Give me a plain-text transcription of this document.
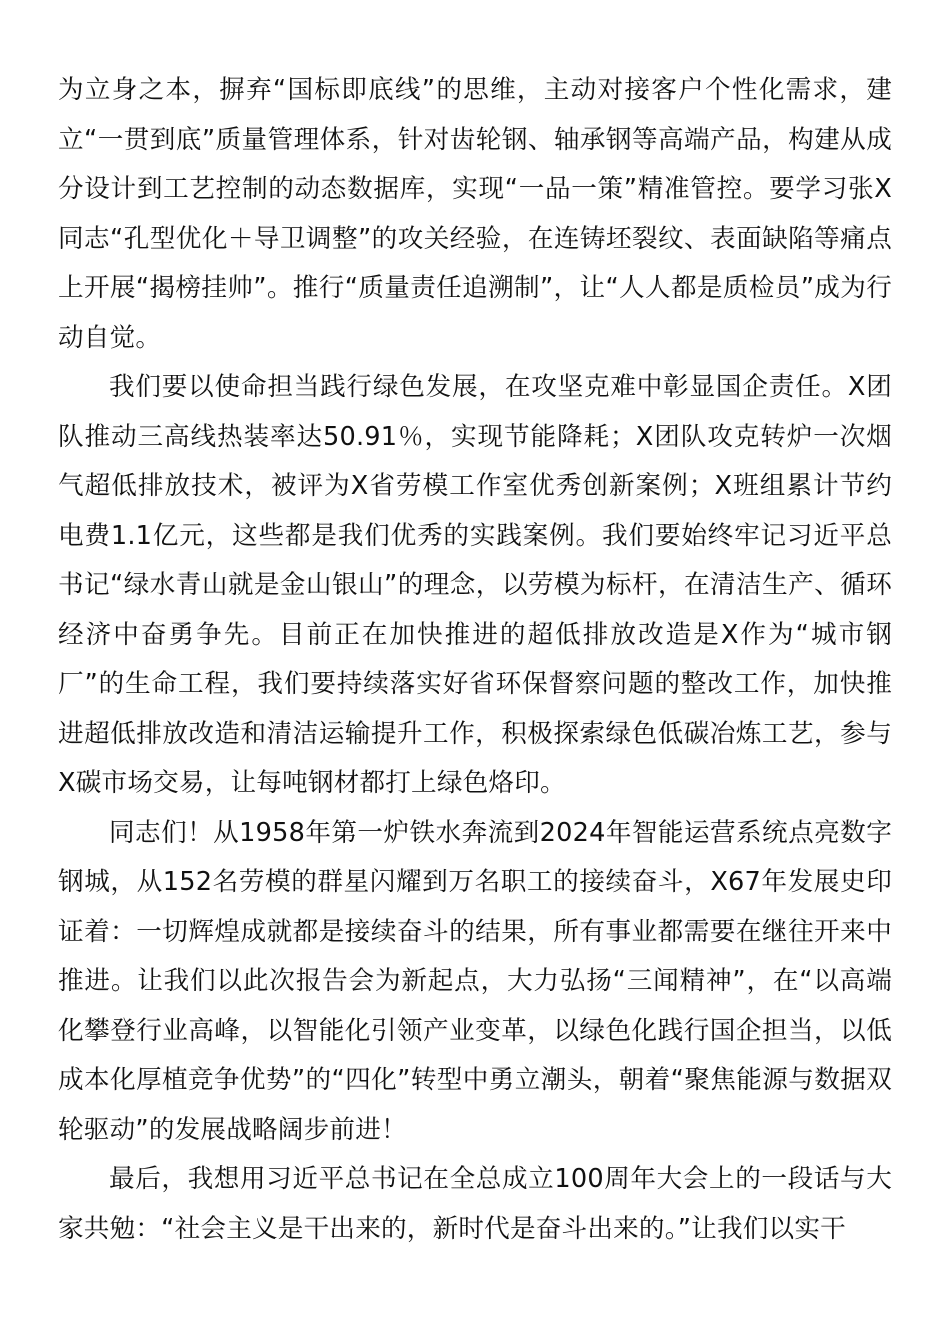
为立身之本，摒弃“国标即底线”的思维，主动对接客户个性化需求，建立“一贯到底”质量管理体系，针对齿轮钢、轴承钢等高端产品，构建从成分设计到工艺控制的动态数据库，实现“一品一策”精准管控。要学习张X同志“孔型优化＋导卫调整”的攻关经验，在连铸坯裂纹、表面缺陷等痛点上开展“揭榜挂帅”。推行“质量责任追溯制”，让“人人都是质检员”成为行动自觉。

我们要以使命担当践行绿色发展，在攻坚克难中彰显国企责任。X团队推动三高线热装率达50.91％，实现节能降耗；X团队攻克转炉一次烟气超低排放技术，被评为X省劳模工作室优秀创新案例；X班组累计节约电费1.1亿元，这些都是我们优秀的实践案例。我们要始终牢记习近平总书记“绿水青山就是金山银山”的理念，以劳模为标杆，在清洁生产、循环经济中奋勇争先。目前正在加快推进的超低排放改造是X作为“城市钢厂”的生命工程，我们要持续落实好省环保督察问题的整改工作，加快推进超低排放改造和清洁运输提升工作，积极探索绿色低碳冶炼工艺，参与X碳市场交易，让每吨钢材都打上绿色烙印。

同志们！从1958年第一炉铁水奔流到2024年智能运营系统点亮数字钢城，从152名劳模的群星闪耀到万名职工的接续奋斗，X67年发展史印证着：一切辉煌成就都是接续奋斗的结果，所有事业都需要在继往开来中推进。让我们以此次报告会为新起点，大力弘扬“三闻精神”，在“以高端化攀登行业高峰，以智能化引领产业变革，以绿色化践行国企担当，以低成本化厚植竞争优势”的“四化”转型中勇立潮头，朝着“聚焦能源与数据双轮驱动”的发展战略阔步前进！

最后，我想用习近平总书记在全总成立100周年大会上的一段话与大家共勉：“社会主义是干出来的，新时代是奋斗出来的。”让我们以实干
